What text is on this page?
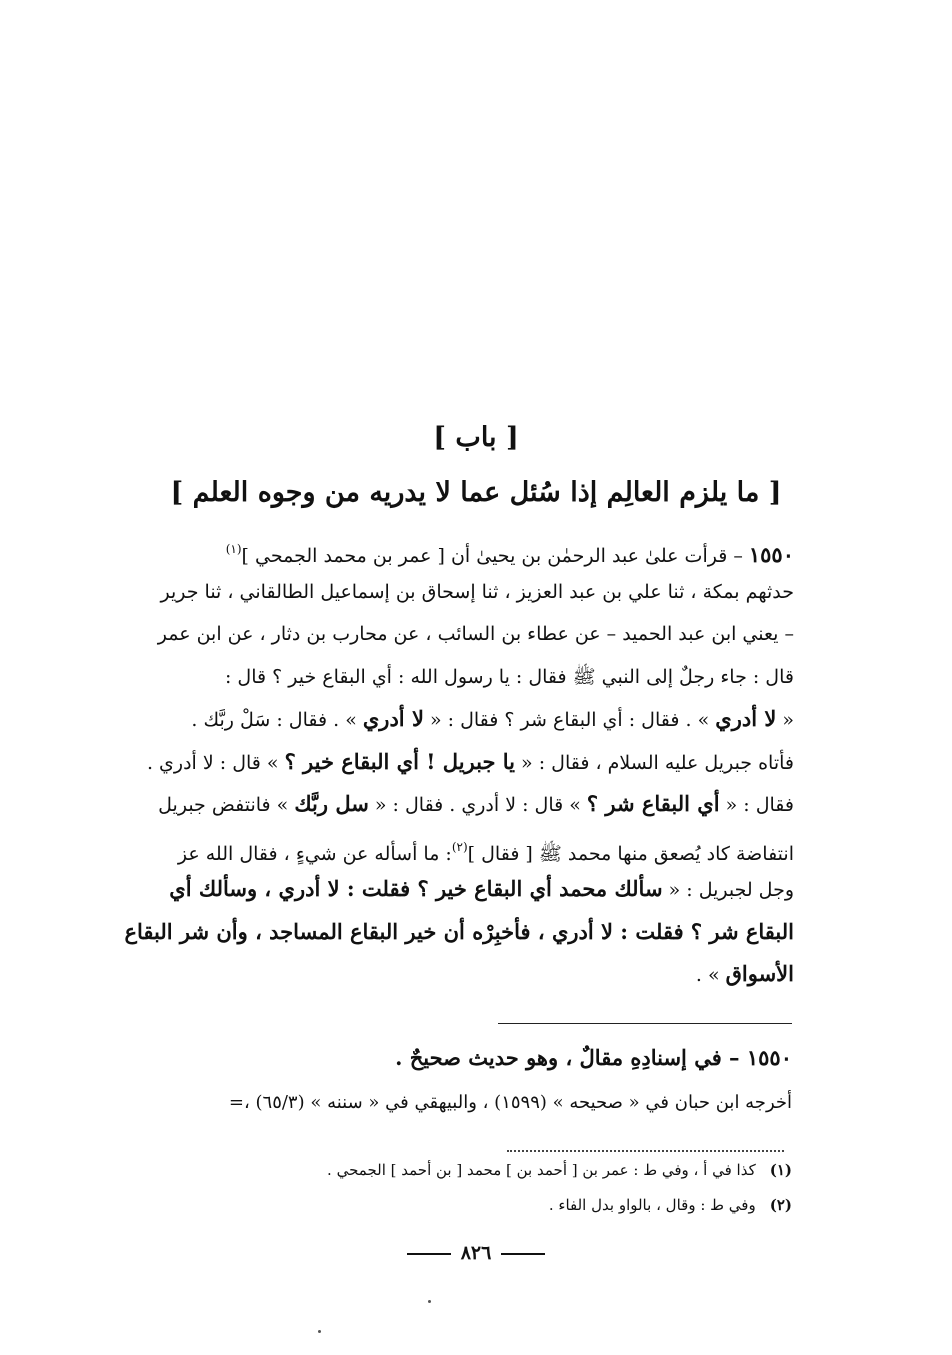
[ باب ]
[ ما يلزم العالِم إذا سُئل عما لا يدريه من وجوه العلم ]
١٥٥٠ – قرأت علىٰ عبد الرحمٰن بن يحيىٰ أن [ عمر بن محمد الجمحي ]$^{(١)}$
حدثهم بمكة ، ثنا علي بن عبد العزيز ، ثنا إسحاق بن إسماعيل الطالقاني ، ثنا جرير
– يعني ابن عبد الحميد – عن عطاء بن السائب ، عن محارب بن دثار ، عن ابن عمر
قال : جاء رجلٌ إلى النبي ﷺ فقال : يا رسول الله : أي البقاع خير ؟ قال :
« لا أدري » . فقال : أي البقاع شر ؟ فقال : « لا أدري » . فقال : سَلْ ربَّك .
فأتاه جبريل عليه السلام ، فقال : « يا جبريل ! أي البقاع خير ؟ » قال : لا أدري .
فقال : « أي البقاع شر ؟ » قال : لا أدري . فقال : « سل ربَّك » فانتفض جبريل
انتفاضة كاد يُصعق منها محمد ﷺ [ فقال ]$^{(٢)}$: ما أسأله عن شيءٍ ، فقال الله عز
وجل لجبريل : « سألك محمد أي البقاع خير ؟ فقلت : لا أدري ، وسألك أي
البقاع شر ؟ فقلت : لا أدري ، فأخبِرْه أن خير البقاع المساجد ، وأن شر البقاع
الأسواق » .
١٥٥٠ – في إسنادِهِ مقالٌ ، وهو حديث صحيحٌ .
أخرجه ابن حبان في « صحيحه » (١٥٩٩) ، والبيهقي في « سننه » (٦٥/٣) ،=
(١)كذا في أ ، وفي ط : عمر بن [ أحمد بن ] محمد [ بن أحمد ] الجمحي .
(٢)وفي ط : وقال ، بالواو بدل الفاء .
٨٢٦
